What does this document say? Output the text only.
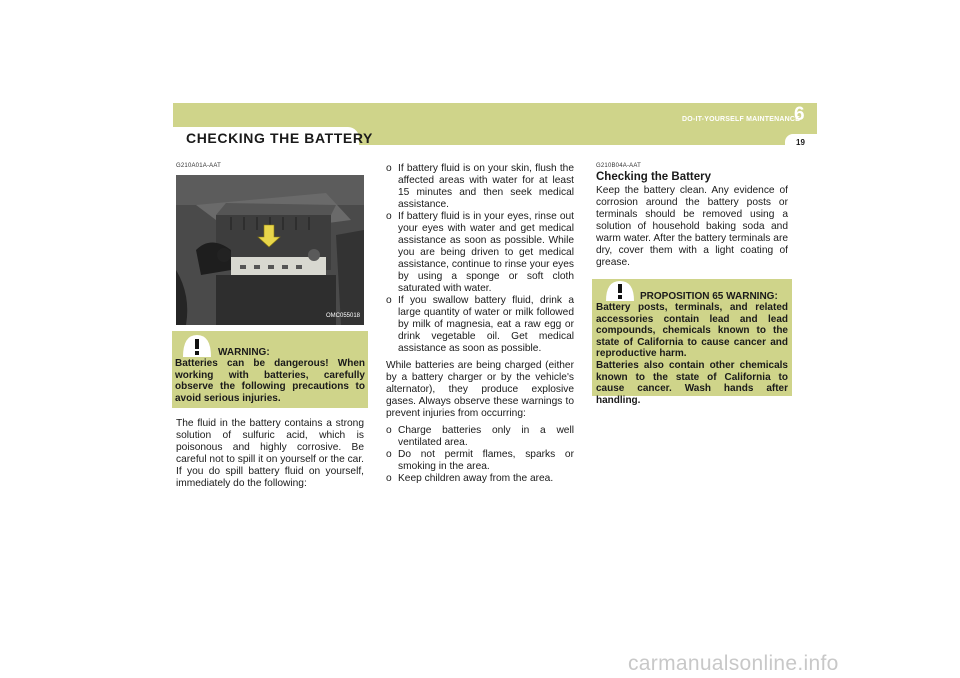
CHECKING THE BATTERY
DO-IT-YOURSELF MAINTENANCE
6
19
G210A01A-AAT
OMC055018
WARNING:
Batteries can be dangerous! When working with batteries, carefully observe the following precautions to avoid serious injuries.

The fluid in the battery contains a strong solution of sulfuric acid, which is poisonous and highly corrosive. Be careful not to spill it on yourself or the car. If you do spill battery fluid on yourself, immediately do the following:

o If battery fluid is on your skin, flush the affected areas with water for at least 15 minutes and then seek medical assistance.

o If battery fluid is in your eyes, rinse out your eyes with water and get medical assistance as soon as possible. While you are being driven to get medical assistance, continue to rinse your eyes by using a sponge or soft cloth saturated with water.

o If you swallow battery fluid, drink a large quantity of water or milk followed by milk of magnesia, eat a raw egg or drink vegetable oil. Get medical assistance as soon as possible.

While batteries are being charged (either by a battery charger or by the vehicle's alternator), they produce explosive gases. Always observe these warnings to prevent injuries from occurring:

o Charge batteries only in a well ventilated area.

o Do not permit flames, sparks or smoking in the area.

o Keep children away from the area.

G210B04A-AAT
Checking the Battery

Keep the battery clean. Any evidence of corrosion around the battery posts or terminals should be removed using a solution of household baking soda and warm water. After the battery terminals are dry, cover them with a light coating of grease.

PROPOSITION 65 WARNING:
Battery posts, terminals, and related accessories contain lead and lead compounds, chemicals known to the state of California to cause cancer and reproductive harm.
Batteries also contain other chemicals known to the state of California to cause cancer. Wash hands after handling.
carmanualsonline.info
